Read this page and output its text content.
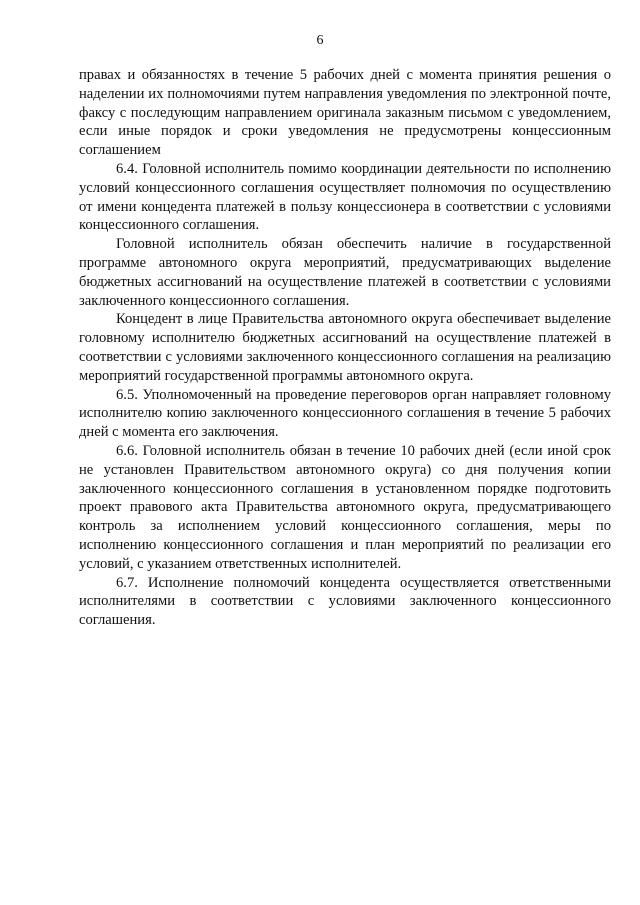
6

правах и обязанностях в течение 5 рабочих дней с момента принятия решения о наделении их полномочиями путем направления уведомления по электронной почте, факсу с последующим направлением оригинала заказным письмом с уведомлением, если иные порядок и сроки уведомления не предусмотрены концессионным соглашением

6.4. Головной исполнитель помимо координации деятельности по исполнению условий концессионного соглашения осуществляет полномочия по осуществлению от имени концедента платежей в пользу концессионера в соответствии с условиями концессионного соглашения.

Головной исполнитель обязан обеспечить наличие в государственной программе автономного округа мероприятий, предусматривающих выделение бюджетных ассигнований на осуществление платежей в соответствии с условиями заключенного концессионного соглашения.

Концедент в лице Правительства автономного округа обеспечивает выделение головному исполнителю бюджетных ассигнований на осуществление платежей в соответствии с условиями заключенного концессионного соглашения на реализацию мероприятий государственной программы автономного округа.

6.5. Уполномоченный на проведение переговоров орган направляет головному исполнителю копию заключенного концессионного соглашения в течение 5 рабочих дней с момента его заключения.

6.6. Головной исполнитель обязан в течение 10 рабочих дней (если иной срок не установлен Правительством автономного округа) со дня получения копии заключенного концессионного соглашения в установленном порядке подготовить проект правового акта Правительства автономного округа, предусматривающего контроль за исполнением условий концессионного соглашения, меры по исполнению концессионного соглашения и план мероприятий по реализации его условий, с указанием ответственных исполнителей.

6.7. Исполнение полномочий концедента осуществляется ответственными исполнителями в соответствии с условиями заключенного концессионного соглашения.
